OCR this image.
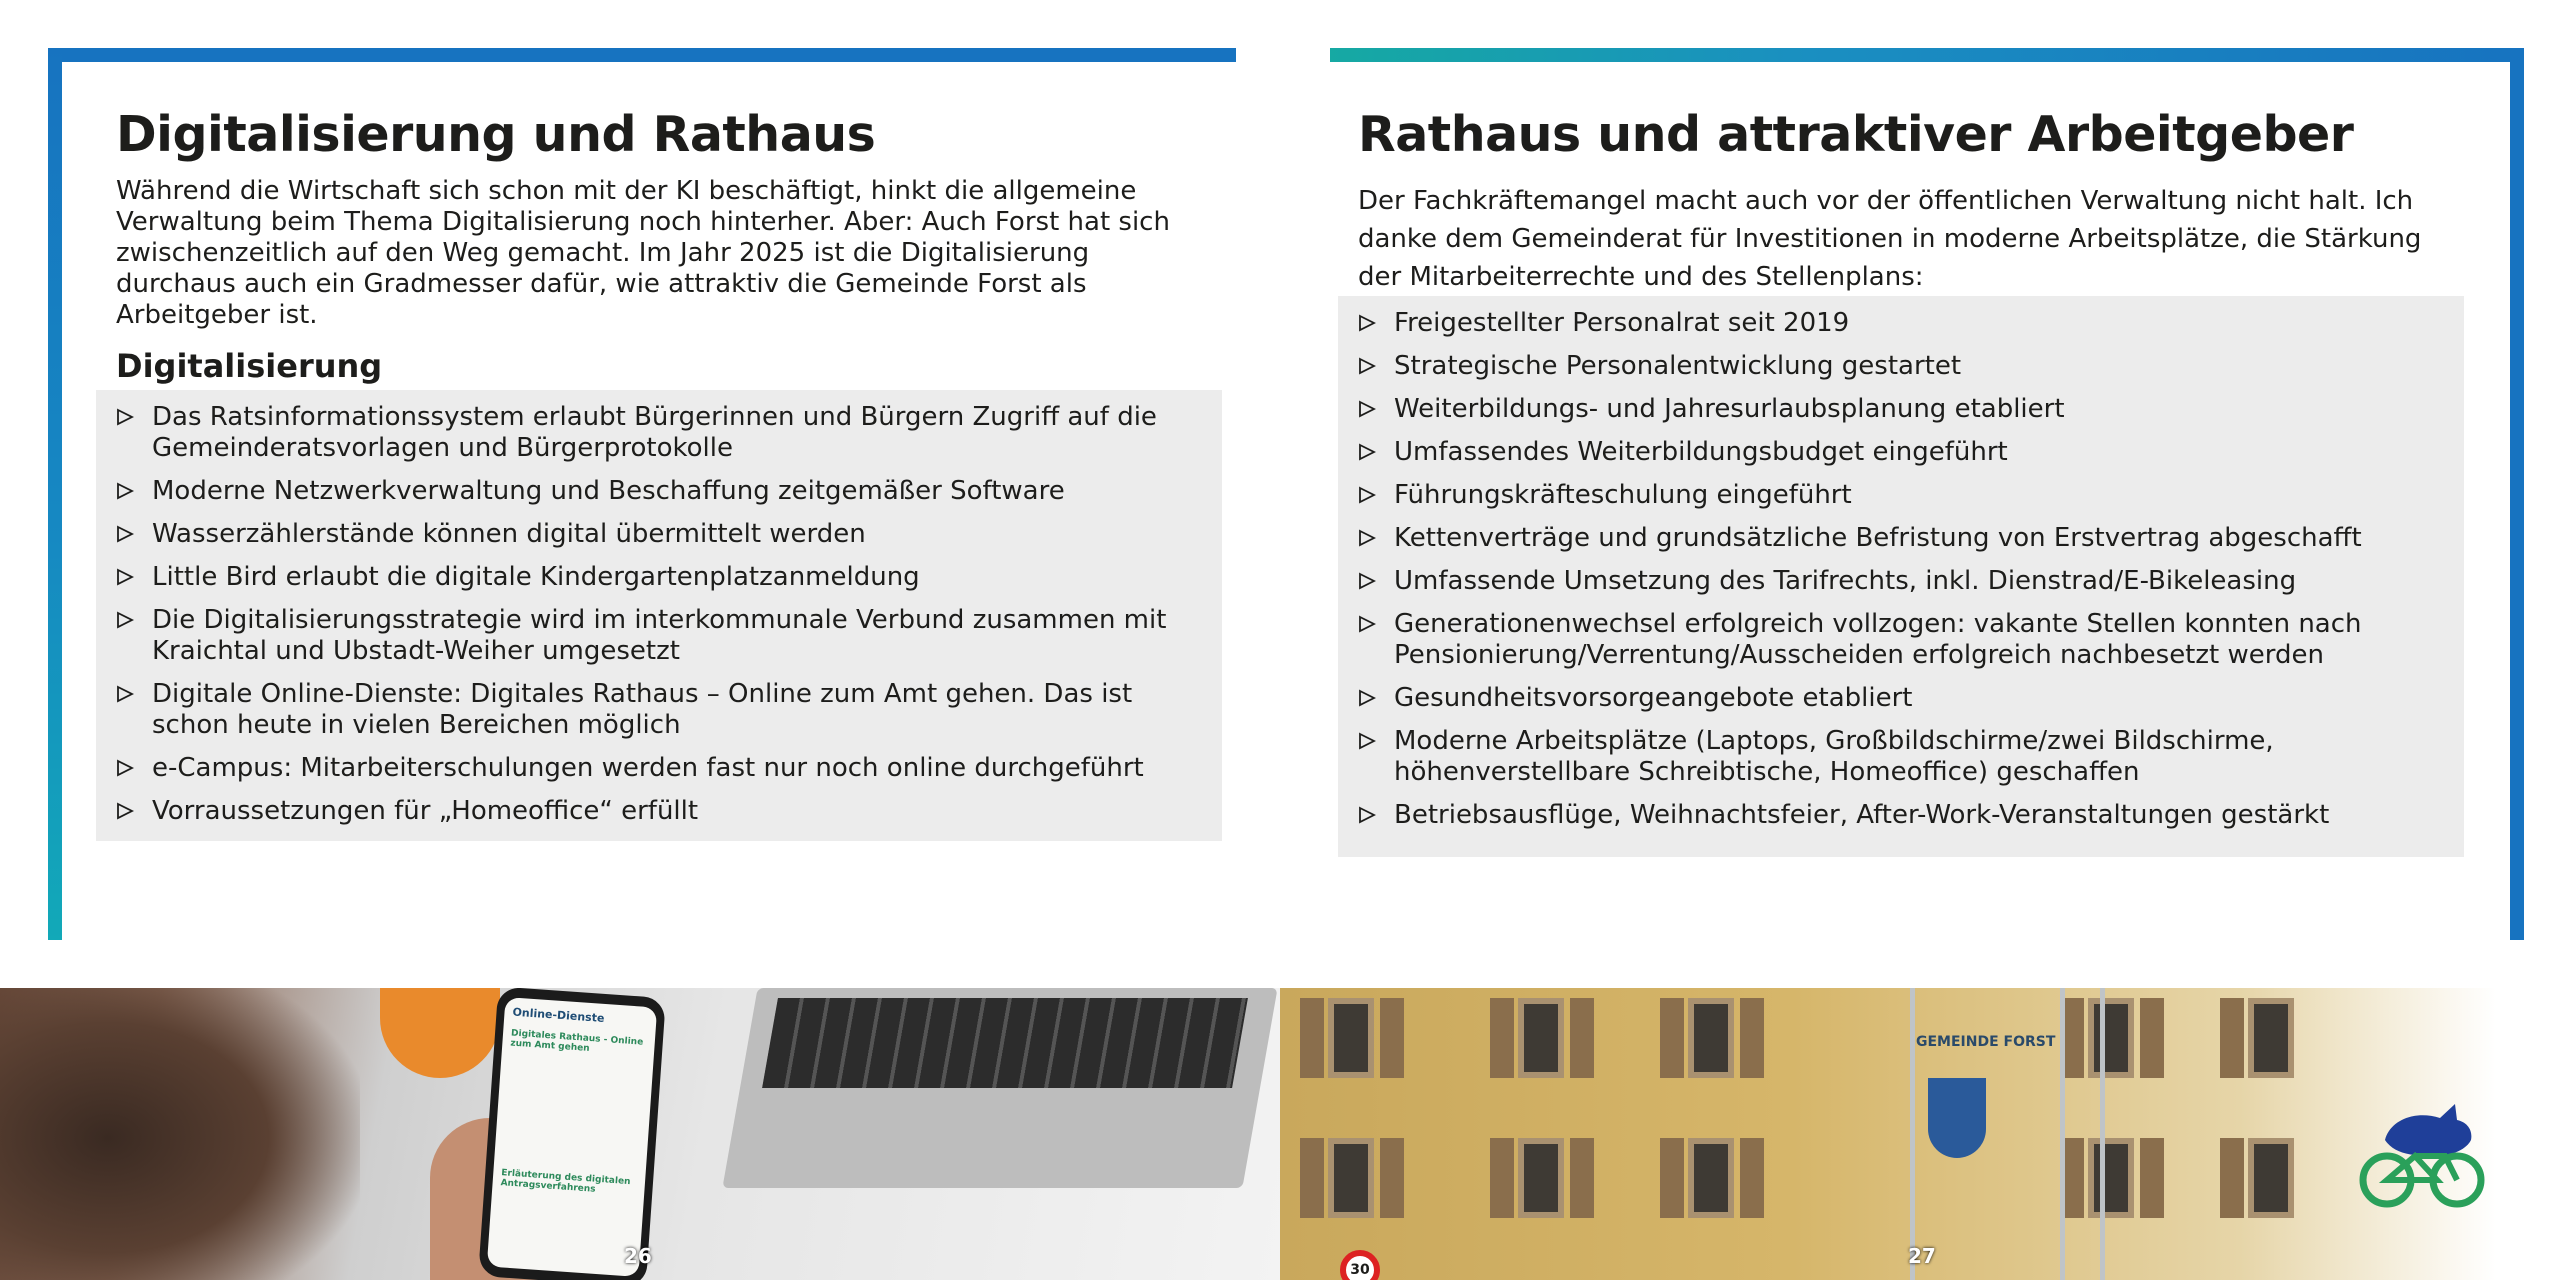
Digitalisierung und Rathaus

Während die Wirtschaft sich schon mit der KI beschäftigt, hinkt die allgemeine Verwaltung beim Thema Digitalisierung noch hinterher. Aber: Auch Forst hat sich zwischenzeitlich auf den Weg gemacht. Im Jahr 2025 ist die Digitalisierung durchaus auch ein Gradmesser dafür, wie attraktiv die Gemeinde Forst als Arbeitgeber ist.

Digitalisierung
Das Ratsinformationssystem erlaubt Bürgerinnen und Bürgern Zugriff auf die Gemeinderatsvorlagen und Bürgerprotokolle
Moderne Netzwerkverwaltung und Beschaffung zeitgemäßer Software
Wasserzählerstände können digital übermittelt werden
Little Bird erlaubt die digitale Kindergartenplatzanmeldung
Die Digitalisierungsstrategie wird im interkommunale Verbund zusammen mit Kraichtal und Ubstadt-Weiher umgesetzt
Digitale Online-Dienste: Digitales Rathaus – Online zum Amt gehen. Das ist schon heute in vielen Bereichen möglich
e-Campus: Mitarbeiterschulungen werden fast nur noch online durchgeführt
Vorraussetzungen für „Homeoffice“ erfüllt
Rathaus und attraktiver Arbeitgeber

Der Fachkräftemangel macht auch vor der öffentlichen Verwaltung nicht halt. Ich danke dem Gemeinderat für Investitionen in moderne Arbeitsplätze, die Stärkung der Mitarbeiterrechte und des Stellenplans:

Freigestellter Personalrat seit 2019
Strategische Personalentwicklung gestartet
Weiterbildungs- und Jahresurlaubsplanung etabliert
Umfassendes Weiterbildungsbudget eingeführt
Führungskräfteschulung eingeführt
Kettenverträge und grundsätzliche Befristung von Erstvertrag abgeschafft
Umfassende Umsetzung des Tarifrechts, inkl. Dienstrad/E-Bikeleasing
Generationenwechsel erfolgreich vollzogen: vakante Stellen konnten nach Pensionierung/Verrentung/Ausscheiden erfolgreich nachbesetzt werden
Gesundheitsvorsorgeangebote etabliert
Moderne Arbeitsplätze (Laptops, Großbildschirme/zwei Bildschirme, höhenverstellbare Schreibtische, Homeoffice) geschaffen
Betriebsausflüge, Weihnachtsfeier, After-Work-Veranstaltungen gestärkt
Online-Dienste
Digitales Rathaus - Online zum Amt gehen
Erläuterung des digitalen Antragsverfahrens
GEMEINDE FORST
30
26	27
